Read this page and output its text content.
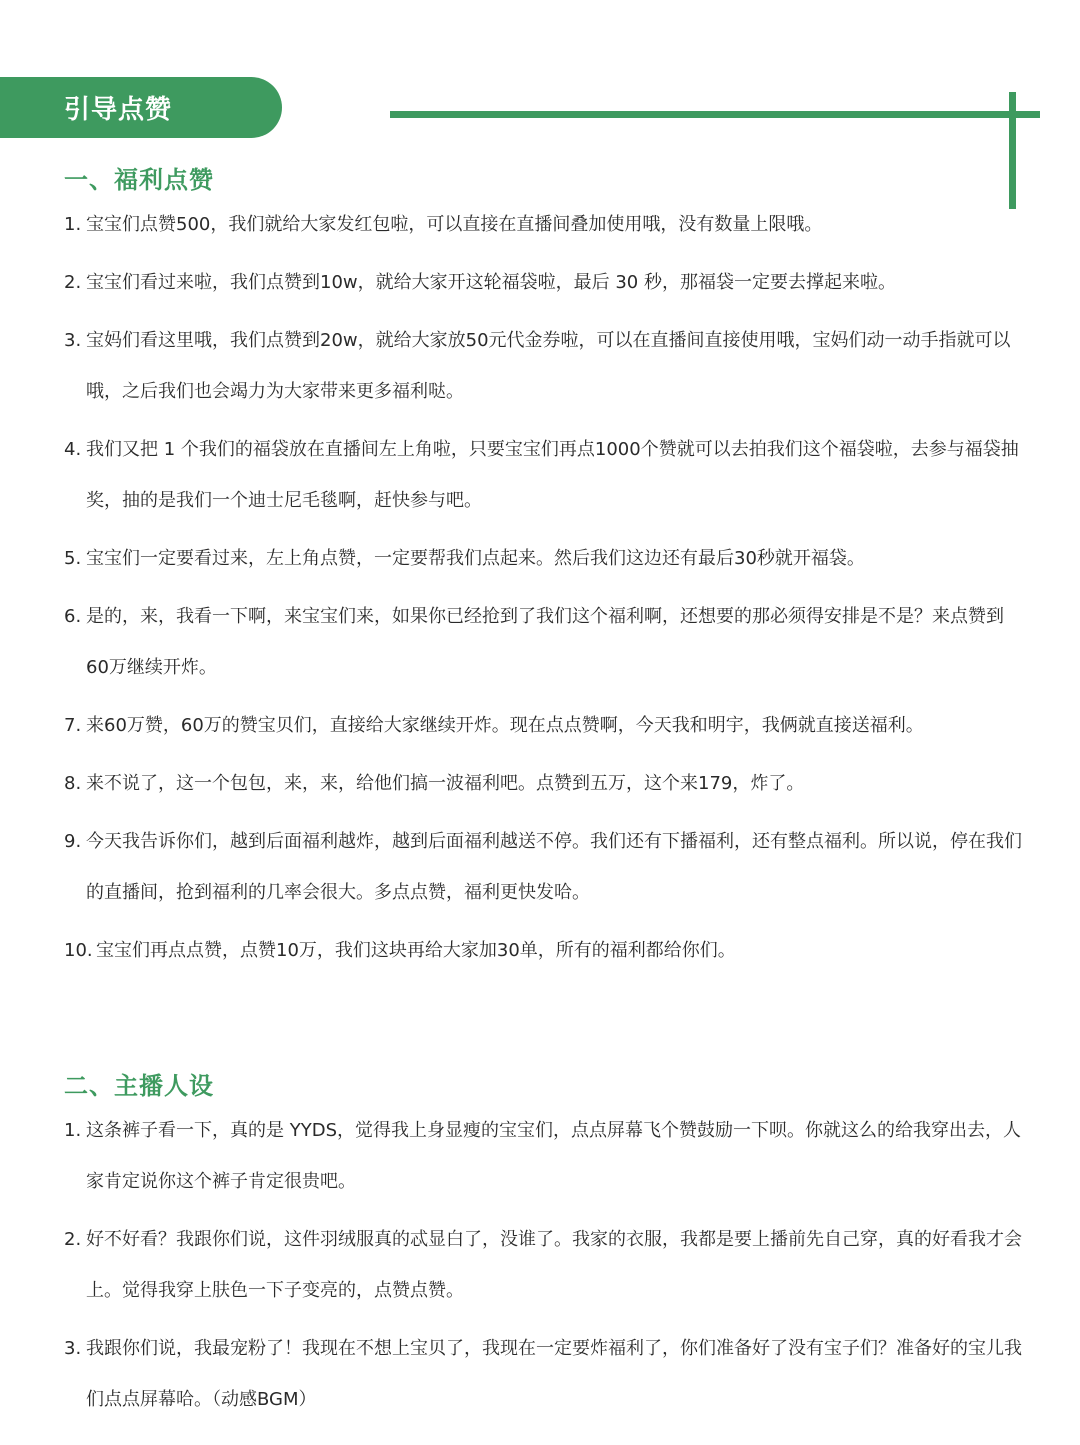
引导点赞
一、福利点赞
1. 宝宝们点赞500，我们就给大家发红包啦，可以直接在直播间叠加使用哦，没有数量上限哦。
2. 宝宝们看过来啦，我们点赞到10w，就给大家开这轮福袋啦，最后 30 秒，那福袋一定要去撑起来啦。
3. 宝妈们看这里哦，我们点赞到20w，就给大家放50元代金券啦，可以在直播间直接使用哦，宝妈们动一动手指就可以哦，之后我们也会竭力为大家带来更多福利哒。
4. 我们又把 1 个我们的福袋放在直播间左上角啦，只要宝宝们再点1000个赞就可以去拍我们这个福袋啦，去参与福袋抽奖，抽的是我们一个迪士尼毛毯啊，赶快参与吧。
5. 宝宝们一定要看过来，左上角点赞，一定要帮我们点起来。然后我们这边还有最后30秒就开福袋。
6. 是的，来，我看一下啊，来宝宝们来，如果你已经抢到了我们这个福利啊，还想要的那必须得安排是不是？来点赞到60万继续开炸。
7. 来60万赞，60万的赞宝贝们，直接给大家继续开炸。现在点点赞啊，今天我和明宇，我俩就直接送福利。
8. 来不说了，这一个包包，来，来，给他们搞一波福利吧。点赞到五万，这个来179，炸了。
9. 今天我告诉你们，越到后面福利越炸，越到后面福利越送不停。我们还有下播福利，还有整点福利。所以说，停在我们的直播间，抢到福利的几率会很大。多点点赞，福利更快发哈。
10. 宝宝们再点点赞，点赞10万，我们这块再给大家加30单，所有的福利都给你们。
二、主播人设
1. 这条裤子看一下，真的是 YYDS，觉得我上身显瘦的宝宝们，点点屏幕飞个赞鼓励一下呗。你就这么的给我穿出去，人家肯定说你这个裤子肯定很贵吧。
2. 好不好看？我跟你们说，这件羽绒服真的忒显白了，没谁了。我家的衣服，我都是要上播前先自己穿，真的好看我才会上。觉得我穿上肤色一下子变亮的，点赞点赞。
3. 我跟你们说，我最宠粉了！我现在不想上宝贝了，我现在一定要炸福利了，你们准备好了没有宝子们？准备好的宝儿我们点点屏幕哈。（动感BGM）
